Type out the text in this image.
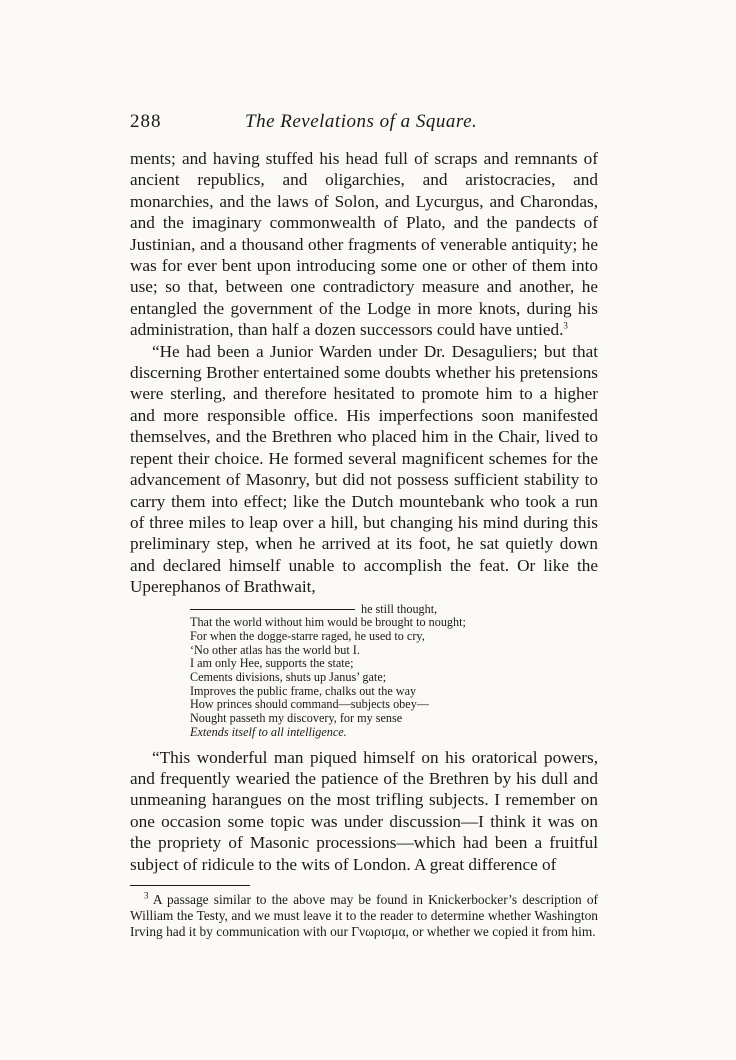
288	The Revelations of a Square.

ments; and having stuffed his head full of scraps and remnants of ancient republics, and oligarchies, and aristocracies, and monarchies, and the laws of Solon, and Lycurgus, and Charondas, and the imaginary commonwealth of Plato, and the pandects of Justinian, and a thousand other fragments of venerable antiquity; he was for ever bent upon introducing some one or other of them into use; so that, between one contradictory measure and another, he entangled the government of the Lodge in more knots, during his administration, than half a dozen successors could have untied.$^3$

“He had been a Junior Warden under Dr. Desaguliers; but that discerning Brother entertained some doubts whether his pretensions were sterling, and therefore hesitated to promote him to a higher and more responsible office. His imperfections soon manifested themselves, and the Brethren who placed him in the Chair, lived to repent their choice. He formed several magnificent schemes for the advancement of Masonry, but did not possess sufficient stability to carry them into effect; like the Dutch mountebank who took a run of three miles to leap over a hill, but changing his mind during this preliminary step, when he arrived at its foot, he sat quietly down and declared himself unable to accomplish the feat. Or like the Uperephanos of Brathwait,

he still thought,
That the world without him would be brought to nought;
For when the dogge-starre raged, he used to cry,
‘No other atlas has the world but I.
I am only Hee, supports the state;
Cements divisions, shuts up Janus’ gate;
Improves the public frame, chalks out the way
How princes should command—subjects obey—
Nought passeth my discovery, for my sense
Extends itself to all intelligence.

“This wonderful man piqued himself on his oratorical powers, and frequently wearied the patience of the Brethren by his dull and unmeaning harangues on the most trifling subjects. I remember on one occasion some topic was under discussion—I think it was on the propriety of Masonic processions—which had been a fruitful subject of ridicule to the wits of London. A great difference of

$^3$ A passage similar to the above may be found in Knickerbocker’s description of William the Testy, and we must leave it to the reader to determine whether Washington Irving had it by communication with our Γνωρισμα, or whether we copied it from him.
